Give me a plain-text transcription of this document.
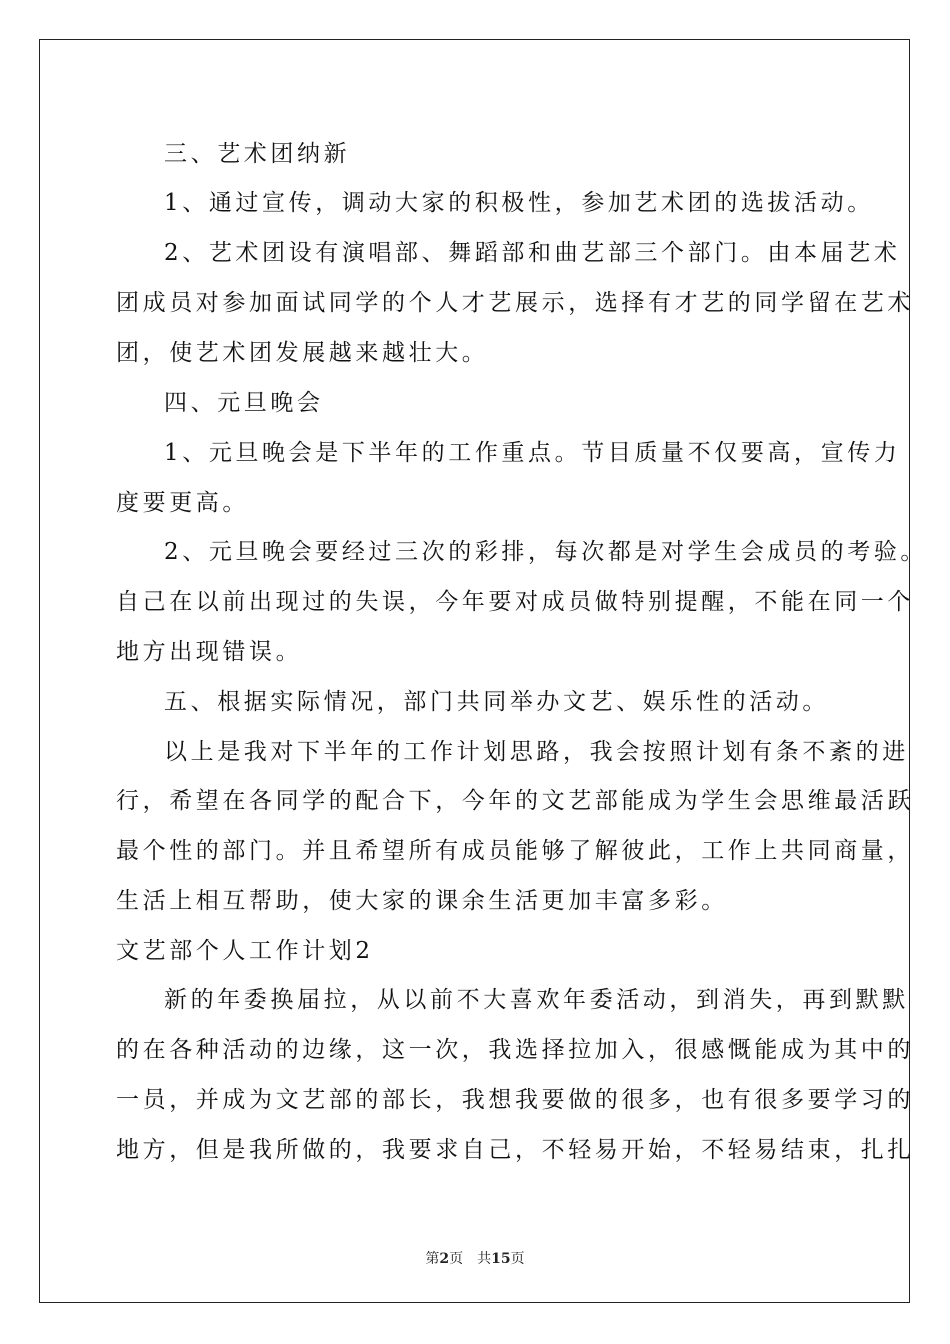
三、艺术团纳新
1、通过宣传，调动大家的积极性，参加艺术团的选拔活动。
2、艺术团设有演唱部、舞蹈部和曲艺部三个部门。由本届艺术
团成员对参加面试同学的个人才艺展示，选择有才艺的同学留在艺术
团，使艺术团发展越来越壮大。
四、元旦晚会
1、元旦晚会是下半年的工作重点。节目质量不仅要高，宣传力
度要更高。
2、元旦晚会要经过三次的彩排，每次都是对学生会成员的考验。
自己在以前出现过的失误，今年要对成员做特别提醒，不能在同一个
地方出现错误。
五、根据实际情况，部门共同举办文艺、娱乐性的活动。
以上是我对下半年的工作计划思路，我会按照计划有条不紊的进
行，希望在各同学的配合下，今年的文艺部能成为学生会思维最活跃
最个性的部门。并且希望所有成员能够了解彼此，工作上共同商量，
生活上相互帮助，使大家的课余生活更加丰富多彩。
文艺部个人工作计划2
新的年委换届拉，从以前不大喜欢年委活动，到消失，再到默默
的在各种活动的边缘，这一次，我选择拉加入，很感慨能成为其中的
一员，并成为文艺部的部长，我想我要做的很多，也有很多要学习的
地方，但是我所做的，我要求自己，不轻易开始，不轻易结束，扎扎
第2页　共15页
